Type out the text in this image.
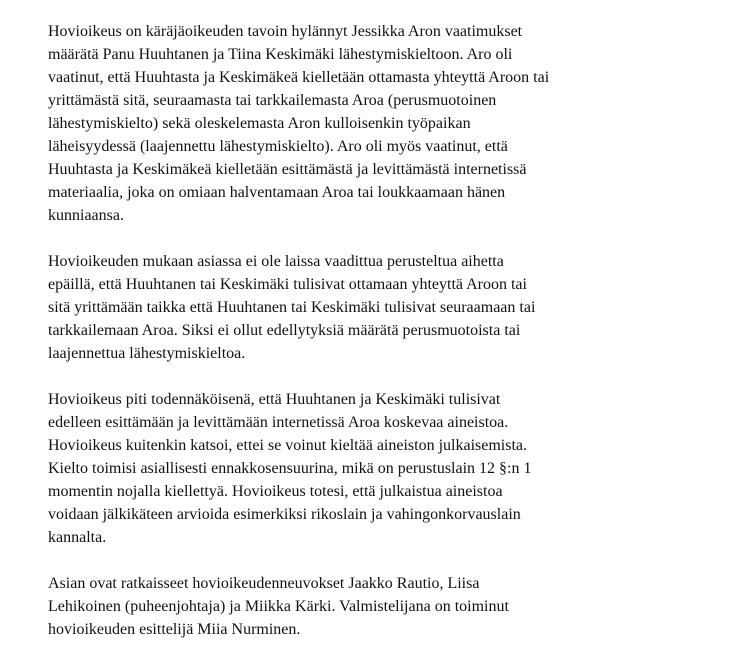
Hovioikeus on käräjäoikeuden tavoin hylännyt Jessikka Aron vaatimukset
määrätä Panu Huuhtanen ja Tiina Keskimäki lähestymiskieltoon. Aro oli
vaatinut, että Huuhtasta ja Keskimäkeä kielletään ottamasta yhteyttä Aroon tai
yrittämästä sitä, seuraamasta tai tarkkailemasta Aroa (perusmuotoinen
lähestymiskielto) sekä oleskelemasta Aron kulloisenkin työpaikan
läheisyydessä (laajennettu lähestymiskielto). Aro oli myös vaatinut, että
Huuhtasta ja Keskimäkeä kielletään esittämästä ja levittämästä internetissä
materiaalia, joka on omiaan halventamaan Aroa tai loukkaamaan hänen
kunniaansa.

Hovioikeuden mukaan asiassa ei ole laissa vaadittua perusteltua aihetta
epäillä, että Huuhtanen tai Keskimäki tulisivat ottamaan yhteyttä Aroon tai
sitä yrittämään taikka että Huuhtanen tai Keskimäki tulisivat seuraamaan tai
tarkkailemaan Aroa. Siksi ei ollut edellytyksiä määrätä perusmuotoista tai
laajennettua lähestymiskieltoa.

Hovioikeus piti todennäköisenä, että Huuhtanen ja Keskimäki tulisivat
edelleen esittämään ja levittämään internetissä Aroa koskevaa aineistoa.
Hovioikeus kuitenkin katsoi, ettei se voinut kieltää aineiston julkaisemista.
Kielto toimisi asiallisesti ennakkosensuurina, mikä on perustuslain 12 §:n 1
momentin nojalla kiellettyä. Hovioikeus totesi, että julkaistua aineistoa
voidaan jälkikäteen arvioida esimerkiksi rikoslain ja vahingonkorvauslain
kannalta.

Asian ovat ratkaisseet hovioikeudenneuvokset Jaakko Rautio, Liisa
Lehikoinen (puheenjohtaja) ja Miikka Kärki. Valmistelijana on toiminut
hovioikeuden esittelijä Miia Nurminen.
